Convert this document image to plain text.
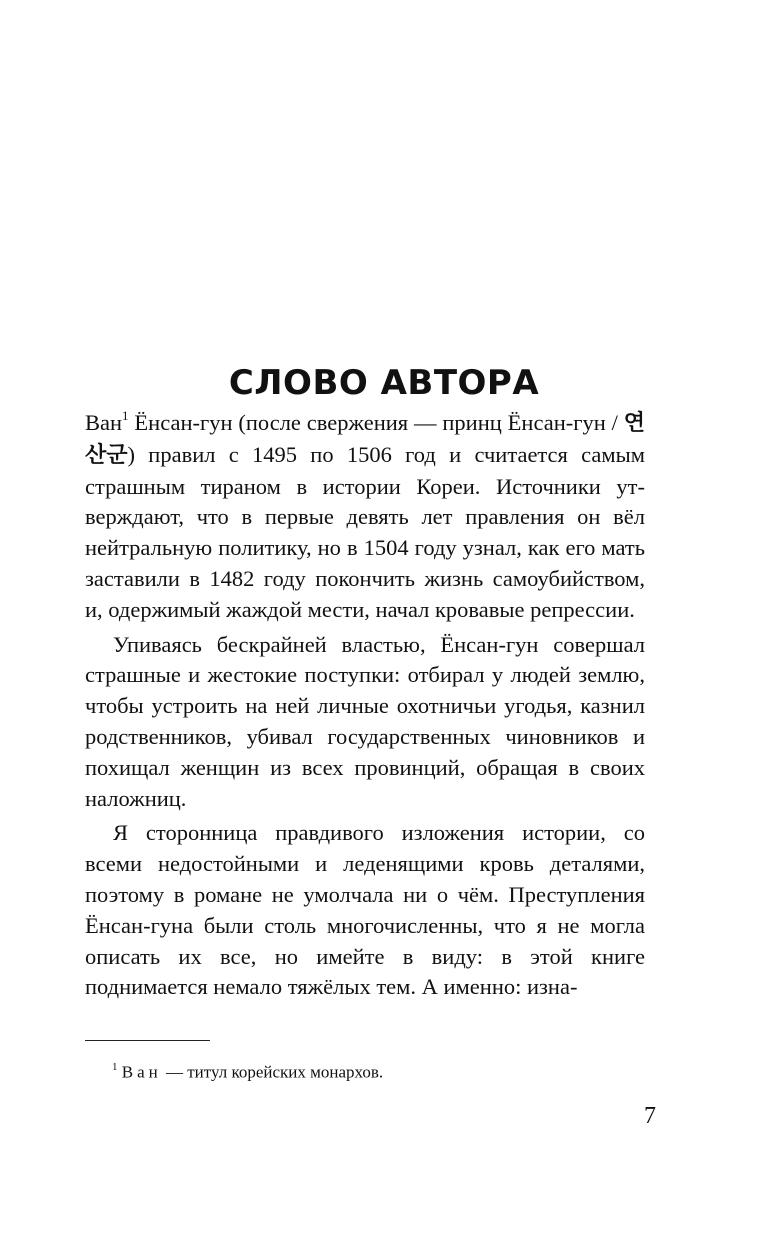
СЛОВО АВТОРА

Ван$^1$ Ёнсан-гун (после свержения — принц Ёнсан-гун / 연산군) правил с 1495 по 1506 год и считается самым страшным тираном в истории Кореи. Источники утверждают, что в первые девять лет правления он вёл нейтральную политику, но в 1504 году узнал, как его мать заставили в 1482 году покончить жизнь самоубийством, и, одержимый жаждой мести, начал кровавые репрессии.

Упиваясь бескрайней властью, Ёнсан-гун совершал страшные и жестокие поступки: отбирал у людей землю, чтобы устроить на ней личные охотничьи угодья, казнил родственников, убивал государственных чиновников и похищал женщин из всех провинций, обращая в своих наложниц.

Я сторонница правдивого изложения истории, со всеми недостойными и леденящими кровь деталями, поэтому в романе не умолчала ни о чём. Преступления Ёнсан-гуна были столь многочисленны, что я не могла описать их все, но имейте в виду: в этой книге поднимается немало тяжёлых тем. А именно: изна-

$^1$ Ван — титул корейских монархов.
7
